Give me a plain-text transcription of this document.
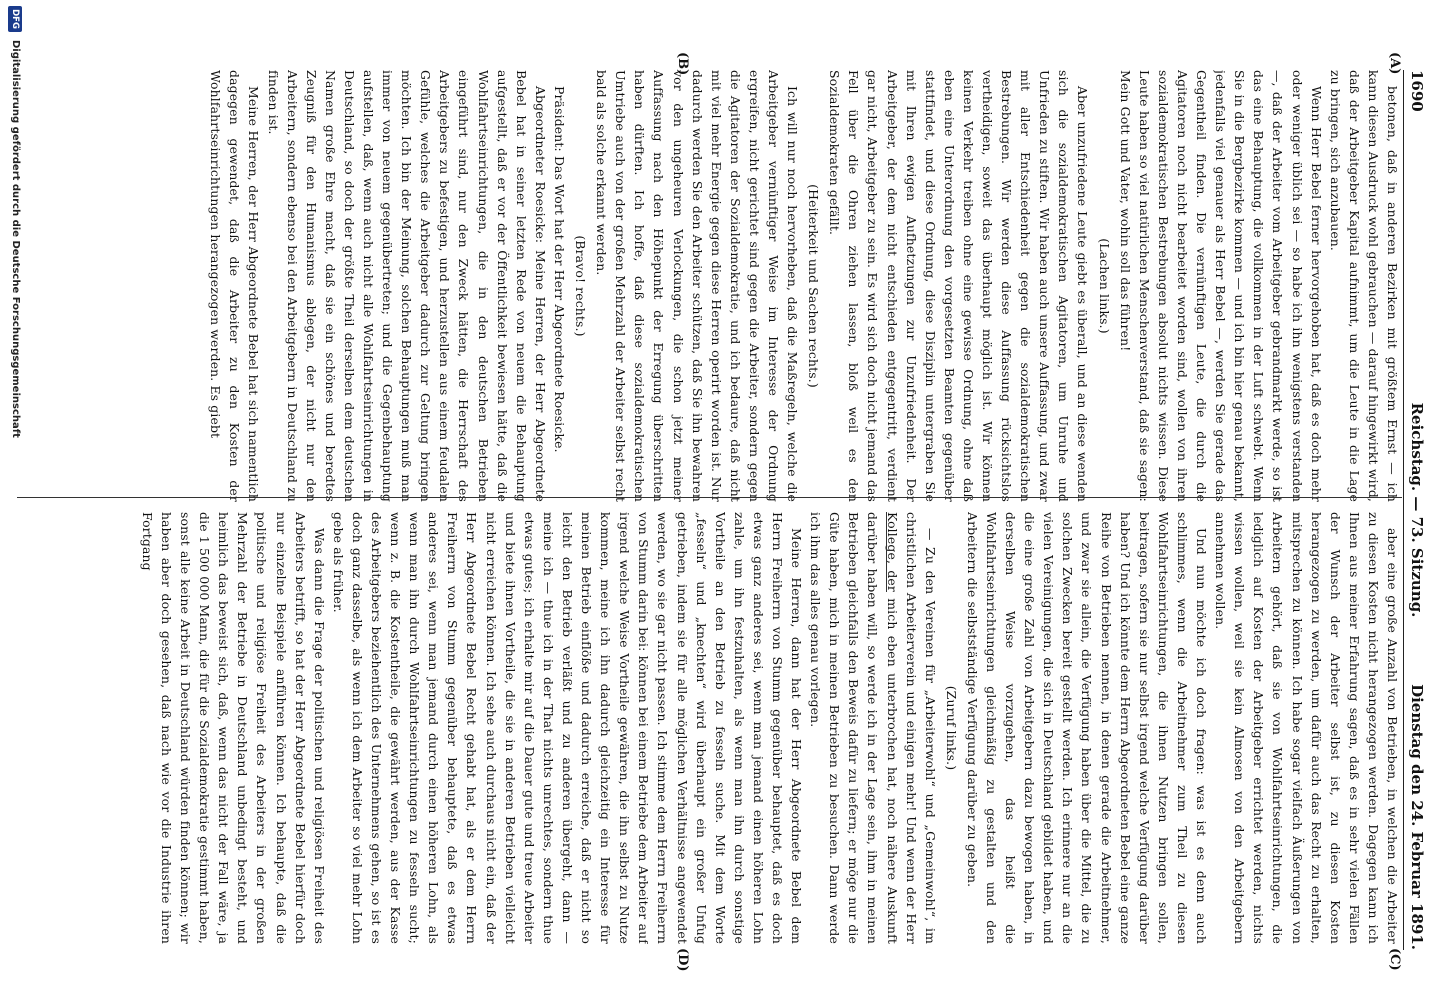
1690
Reichstag. — 73. Sitzung.
Dienstag den 24. Februar 1891.
(A)
(B)
(C)
(D)

betonen, daß in anderen Bezirken mit größtem Ernst — ich kann diesen Ausdruck wohl gebrauchen — darauf hingewirkt wird, daß der Arbeitgeber Kapital aufnimmt, um die Leute in die Lage zu bringen, sich anzubauen.

Wenn Herr Bebel ferner hervorgehoben hat, daß es doch mehr oder weniger üblich sei — so habe ich ihn wenigstens verstanden —, daß der Arbeiter vom Arbeitgeber gebrandmarkt werde, so ist das eine Behauptung, die vollkommen in der Luft schwebt. Wenn Sie in die Bergbezirke kommen — und ich bin hier genau bekannt, jedenfalls viel genauer als Herr Bebel —, werden Sie gerade das Gegentheil finden. Die vernünftigen Leute, die durch die Agitatoren noch nicht bearbeitet worden sind, wollen von ihren sozialdemokratischen Bestrebungen absolut nichts wissen. Diese Leute haben so viel natürlichen Menschenverstand, daß sie sagen: Mein Gott und Vater, wohin soll das führen!

(Lachen links.)

Aber unzufriedene Leute giebt es überall, und an diese wenden sich die sozialdemokratischen Agitatoren, um Unruhe und Unfrieden zu stiften. Wir haben auch unsere Auffassung, und zwar mit aller Entschiedenheit gegen die sozialdemokratischen Bestrebungen. Wir werden diese Auffassung rücksichtslos vertheidigen, soweit das überhaupt möglich ist. Wir können keinen Verkehr treiben ohne eine gewisse Ordnung, ohne daß eben eine Unterordnung den vorgesetzten Beamten gegenüber stattfindet, und diese Ordnung, diese Disziplin untergraben Sie mit Ihren ewigen Aufhetzungen zur Unzufriedenheit. Der Arbeitgeber, der dem nicht entschieden entgegentritt, verdient gar nicht, Arbeitgeber zu sein. Es wird sich doch nicht jemand das Fell über die Ohren ziehen lassen, bloß weil es den Sozialdemokraten gefällt.

(Heiterkeit und Sachen rechts.)

Ich will nur noch hervorheben, daß die Maßregeln, welche die Arbeitgeber vernünftiger Weise im Interesse der Ordnung ergreifen, nicht gerichtet sind gegen die Arbeiter, sondern gegen die Agitatoren der Sozialdemokratie, und ich bedaure, daß nicht mit viel mehr Energie gegen diese Herren operirt worden ist. Nur dadurch werden Sie den Arbeiter schützen, daß Sie ihn bewahren vor den ungeheuren Verlockungen, die schon jetzt meiner Auffassung nach den Höhepunkt der Erregung überschritten haben dürften. Ich hoffe, daß diese sozialdemokratischen Umtriebe auch von der großen Mehrzahl der Arbeiter selbst recht bald als solche erkannt werden.

(Bravo! rechts.)

Präsident: Das Wort hat der Herr Abgeordnete Roesicke.

Abgeordneter Roesicke: Meine Herren, der Herr Abgeordnete Bebel hat in seiner letzten Rede von neuem die Behauptung aufgestellt, daß er vor der Öffentlichkeit bewiesen hätte, daß die Wohlfahrtseinrichtungen, die in den deutschen Betrieben eingeführt sind, nur den Zweck hätten, die Herrschaft des Arbeitgebers zu befestigen, und herzustellen aus einem feudalen Gefühle, welches die Arbeitgeber dadurch zur Geltung bringen möchten. Ich bin der Meinung, solchen Behauptungen muß man immer von neuem gegenübertreten; und die Gegenbehauptung aufstellen, daß, wenn auch nicht alle Wohlfahrtseinrichtungen in Deutschland, so doch der größte Theil derselben dem deutschen Namen große Ehre macht, daß sie ein schönes und beredtes Zeugniß für den Humanismus ablegen, der nicht nur den Arbeitern, sondern ebenso bei den Arbeitgebern in Deutschland zu finden ist.

Meine Herren, der Herr Abgeordnete Bebel hat sich namentlich dagegen gewendet, daß die Arbeiter zu den Kosten der Wohlfahrtseinrichtungen herangezogen werden. Es giebt

aber eine große Anzahl von Betrieben, in welchen die Arbeiter zu diesen Kosten nicht herangezogen werden. Dagegen kann ich Ihnen aus meiner Erfahrung sagen, daß es in sehr vielen Fällen der Wunsch der Arbeiter selbst ist, zu diesen Kosten herangezogen zu werden, um dafür auch das Recht zu erhalten, mitsprechen zu können. Ich habe sogar vielfach Äußerungen von Arbeitern gehört, daß sie von Wohlfahrtseinrichtungen, die lediglich auf Kosten der Arbeitgeber errichtet werden, nichts wissen wollen, weil sie kein Almosen von den Arbeitgebern annehmen wollen.

Und nun möchte ich doch fragen: was ist es denn auch schlimmes, wenn die Arbeitnehmer zum Theil zu diesen Wohlfahrtseinrichtungen, die ihnen Nutzen bringen sollen, beitragen, sofern sie nur selbst irgend welche Verfügung darüber haben? Und ich könnte dem Herrn Abgeordneten Bebel eine ganze Reihe von Betrieben nennen, in denen gerade die Arbeitnehmer, und zwar sie allein, die Verfügung haben über die Mittel, die zu solchen Zwecken bereit gestellt werden. Ich erinnere nur an die vielen Vereinigungen, die sich in Deutschland gebildet haben, und die eine große Zahl von Arbeitgebern dazu bewogen haben, in derselben Weise vorzugehen, das heißt die Wohlfahrtseinrichtungen gleichmäßig zu gestalten und den Arbeitern die selbstständige Verfügung darüber zu geben.

(Zuruf links.)

— Zu den Vereinen für „Arbeiterwohl“ und „Gemeinwohl“, im christlichen Arbeiterverein und einigen mehr! Und wenn der Herr Kollege, der mich eben unterbrochen hat, noch nähere Auskunft darüber haben will, so werde ich in der Lage sein, ihm in meinen Betrieben gleichfalls den Beweis dafür zu liefern; er möge nur die Güte haben, mich in meinen Betrieben zu besuchen. Dann werde ich ihm das alles genau vorlegen.

Meine Herren, dann hat der Herr Abgeordnete Bebel dem Herrn Freiherrn von Stumm gegenüber behauptet, daß es doch etwas ganz anderes sei, wenn man jemand einen höheren Lohn zahle, um ihn festzuhalten, als wenn man ihn durch sonstige Vortheile an den Betrieb zu fesseln suche. Mit dem Worte „fesseln“ und „knechten“ wird überhaupt ein großer Unfug getrieben, indem sie für alle möglichen Verhältnisse angewendet werden, wo sie gar nicht passen. Ich stimme dem Herrn Freiherrn von Stumm darin bei: können bei einem Betriebe dem Arbeiter auf irgend welche Weise Vortheile gewähren, die ihn selbst zu Nutze kommen, meine ich ihn dadurch gleichzeitig ein Interesse für meinen Betrieb einflöße und dadurch erreiche, daß er nicht so leicht den Betrieb verläßt und zu anderen übergeht, dann — meine ich — thue ich in der That nichts unrechtes, sondern thue etwas gutes; ich erhalte mir auf die Dauer gute und treue Arbeiter und biete ihnen Vortheile, die sie in anderen Betrieben vielleicht nicht erreichen können. Ich sehe auch durchaus nicht ein, daß der Herr Abgeordnete Bebel Recht gehabt hat, als er dem Herrn Freiherrn von Stumm gegenüber behauptete, daß es etwas anderes sei, wenn man jemand durch einen höheren Lohn, als wenn man ihn durch Wohlfahrtseinrichtungen zu fesseln sucht; wenn z. B. die Kostentheile, die gewährt werden, aus der Kasse des Arbeitgebers beziehentlich des Unternehmens gehen, so ist es doch ganz dasselbe, als wenn ich dem Arbeiter so viel mehr Lohn gebe als früher.

Was dann die Frage der politischen und religiösen Freiheit des Arbeiters betrifft, so hat der Herr Abgeordnete Bebel hierfür doch nur einzelne Beispiele anführen können. Ich behaupte, daß die politische und religiöse Freiheit des Arbeiters in der großen Mehrzahl der Betriebe in Deutschland unbedingt besteht, und heimlich das beweist sich, daß, wenn das nicht der Fall wäre, ja die 1 500 000 Mann, die für die Sozialdemokratie gestimmt haben, sonst alle keine Arbeit in Deutschland würden finden können; wir haben aber doch gesehen, daß nach wie vor die Industrie ihren Fortgang

DFG
Digitalisierung gefördert durch die Deutsche Forschungsgemeinschaft
